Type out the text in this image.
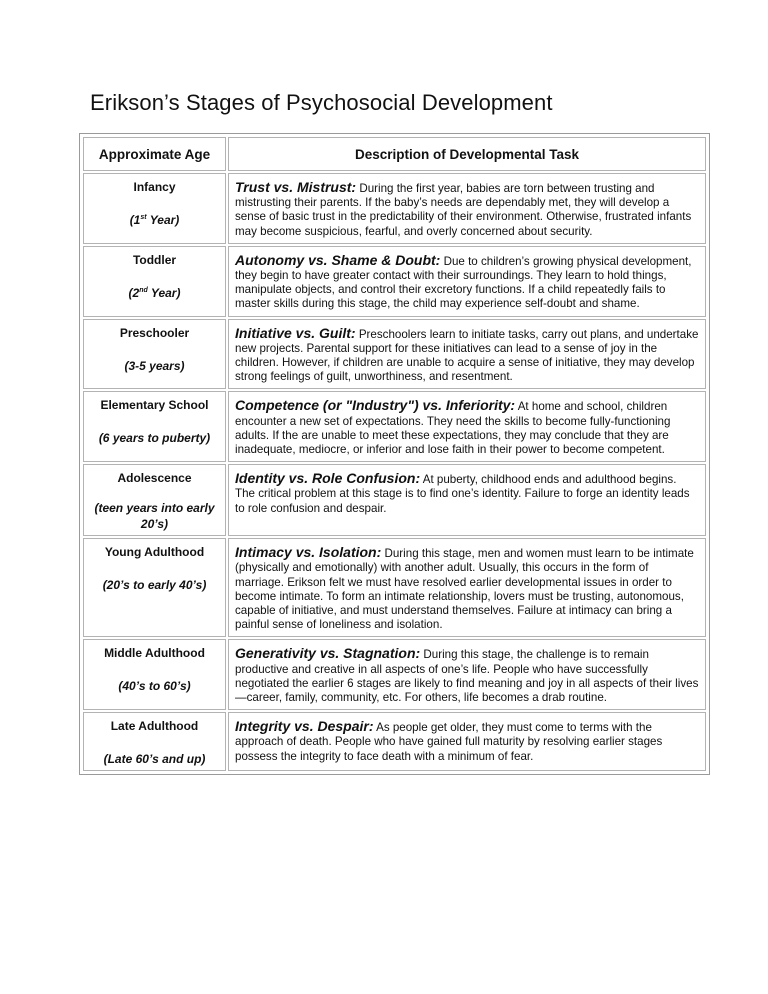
Erikson’s Stages of Psychosocial Development
Approximate Age	Description of Developmental Task

Infancy
(1st Year)	Trust vs. Mistrust: During the first year, babies are torn between trusting and mistrusting their parents. If the baby’s needs are dependably met, they will develop a sense of basic trust in the predictability of their environment. Otherwise, frustrated infants may become suspicious, fearful, and overly concerned about security.

Toddler
(2nd Year)	Autonomy vs. Shame & Doubt: Due to children’s growing physical development, they begin to have greater contact with their surroundings. They learn to hold things, manipulate objects, and control their excretory functions. If a child repeatedly fails to master skills during this stage, the child may experience self-doubt and shame.

Preschooler
(3-5 years)	Initiative vs. Guilt: Preschoolers learn to initiate tasks, carry out plans, and undertake new projects. Parental support for these initiatives can lead to a sense of joy in the children. However, if children are unable to acquire a sense of initiative, they may develop strong feelings of guilt, unworthiness, and resentment.

Elementary School
(6 years to puberty)	Competence (or "Industry") vs. Inferiority: At home and school, children encounter a new set of expectations. They need the skills to become fully-functioning adults. If the are unable to meet these expectations, they may conclude that they are inadequate, mediocre, or inferior and lose faith in their power to become competent.

Adolescence
(teen years into early 20’s)	Identity vs. Role Confusion: At puberty, childhood ends and adulthood begins. The critical problem at this stage is to find one’s identity. Failure to forge an identity leads to role confusion and despair.

Young Adulthood
(20’s to early 40’s)	Intimacy vs. Isolation: During this stage, men and women must learn to be intimate (physically and emotionally) with another adult. Usually, this occurs in the form of marriage. Erikson felt we must have resolved earlier developmental issues in order to become intimate. To form an intimate relationship, lovers must be trusting, autonomous, capable of initiative, and must understand themselves. Failure at intimacy can bring a painful sense of loneliness and isolation.

Middle Adulthood
(40’s to 60’s)	Generativity vs. Stagnation: During this stage, the challenge is to remain productive and creative in all aspects of one’s life. People who have successfully negotiated the earlier 6 stages are likely to find meaning and joy in all aspects of their lives—career, family, community, etc. For others, life becomes a drab routine.

Late Adulthood
(Late 60’s and up)	Integrity vs. Despair: As people get older, they must come to terms with the approach of death. People who have gained full maturity by resolving earlier stages possess the integrity to face death with a minimum of fear.
